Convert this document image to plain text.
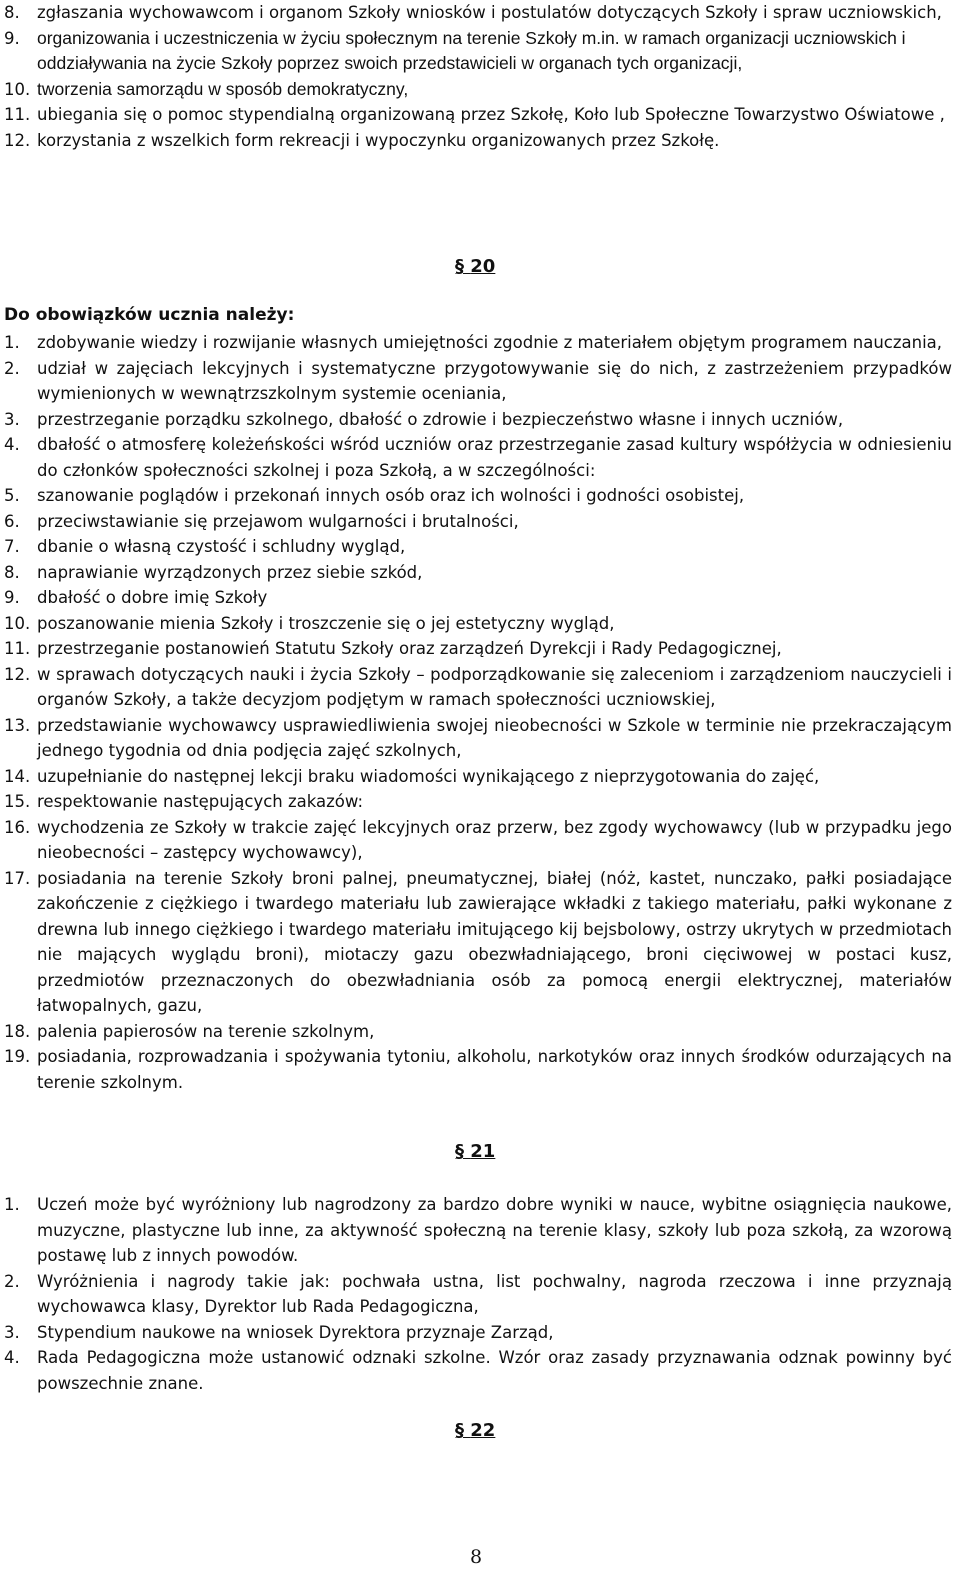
8. zgłaszania wychowawcom i organom Szkoły wniosków i postulatów dotyczących Szkoły i spraw uczniowskich,
9. organizowania i uczestniczenia w życiu społecznym na terenie Szkoły m.in. w ramach organizacji uczniowskich i oddziaływania na życie Szkoły poprzez swoich przedstawicieli w organach tych organizacji,
10. tworzenia samorządu w sposób demokratyczny,
11. ubiegania się o pomoc stypendialną organizowaną przez Szkołę, Koło lub Społeczne Towarzystwo Oświatowe ,
12. korzystania z wszelkich form rekreacji i wypoczynku organizowanych przez Szkołę.
§ 20
Do obowiązków ucznia należy:
1. zdobywanie wiedzy i rozwijanie własnych umiejętności zgodnie z materiałem objętym programem nauczania,
2. udział w zajęciach lekcyjnych i systematyczne przygotowywanie się do nich, z zastrzeżeniem przypadków wymienionych w wewnątrzszkolnym systemie oceniania,
3. przestrzeganie porządku szkolnego, dbałość o zdrowie i bezpieczeństwo własne i innych uczniów,
4. dbałość o atmosferę koleżeńskości wśród uczniów oraz przestrzeganie zasad kultury współżycia w odniesieniu do członków społeczności szkolnej i poza Szkołą, a w szczególności:
5. szanowanie poglądów i przekonań innych osób oraz ich wolności i godności osobistej,
6. przeciwstawianie się przejawom wulgarności i brutalności,
7. dbanie o własną czystość i schludny wygląd,
8. naprawianie wyrządzonych przez siebie szkód,
9. dbałość o dobre imię Szkoły
10. poszanowanie mienia Szkoły i troszczenie się o jej estetyczny wygląd,
11. przestrzeganie postanowień Statutu Szkoły oraz zarządzeń Dyrekcji i Rady Pedagogicznej,
12. w sprawach dotyczących nauki i życia Szkoły – podporządkowanie się zaleceniom i zarządzeniom nauczycieli i organów Szkoły, a także decyzjom podjętym w ramach społeczności uczniowskiej,
13. przedstawianie wychowawcy usprawiedliwienia swojej nieobecności w Szkole w terminie nie przekraczającym jednego tygodnia od dnia podjęcia zajęć szkolnych,
14. uzupełnianie do następnej lekcji braku wiadomości wynikającego z nieprzygotowania do zajęć,
15. respektowanie następujących zakazów:
16. wychodzenia ze Szkoły w trakcie zajęć lekcyjnych oraz przerw, bez zgody wychowawcy (lub w przypadku jego nieobecności – zastępcy wychowawcy),
17. posiadania na terenie Szkoły broni palnej, pneumatycznej, białej (nóż, kastet, nunczako, pałki posiadające zakończenie z ciężkiego i twardego materiału lub zawierające wkładki z takiego materiału, pałki wykonane z drewna lub innego ciężkiego i twardego materiału imitującego kij bejsbolowy, ostrzy ukrytych w przedmiotach nie mających wyglądu broni), miotaczy gazu obezwładniającego, broni cięciwowej w postaci kusz, przedmiotów przeznaczonych do obezwładniania osób za pomocą energii elektrycznej, materiałów łatwopalnych, gazu,
18. palenia papierosów na terenie szkolnym,
19. posiadania, rozprowadzania i spożywania tytoniu, alkoholu, narkotyków oraz innych środków odurzających na terenie szkolnym.
§ 21
1. Uczeń może być wyróżniony lub nagrodzony za bardzo dobre wyniki w nauce, wybitne osiągnięcia naukowe, muzyczne, plastyczne lub inne, za aktywność społeczną na terenie klasy, szkoły lub poza szkołą, za wzorową postawę lub z innych powodów.
2. Wyróżnienia i nagrody takie jak: pochwała ustna, list pochwalny, nagroda rzeczowa i inne przyznają wychowawca klasy, Dyrektor lub Rada Pedagogiczna,
3. Stypendium naukowe na wniosek Dyrektora przyznaje Zarząd,
4. Rada Pedagogiczna może ustanowić odznaki szkolne. Wzór oraz zasady przyznawania odznak powinny być powszechnie znane.
§ 22
8
